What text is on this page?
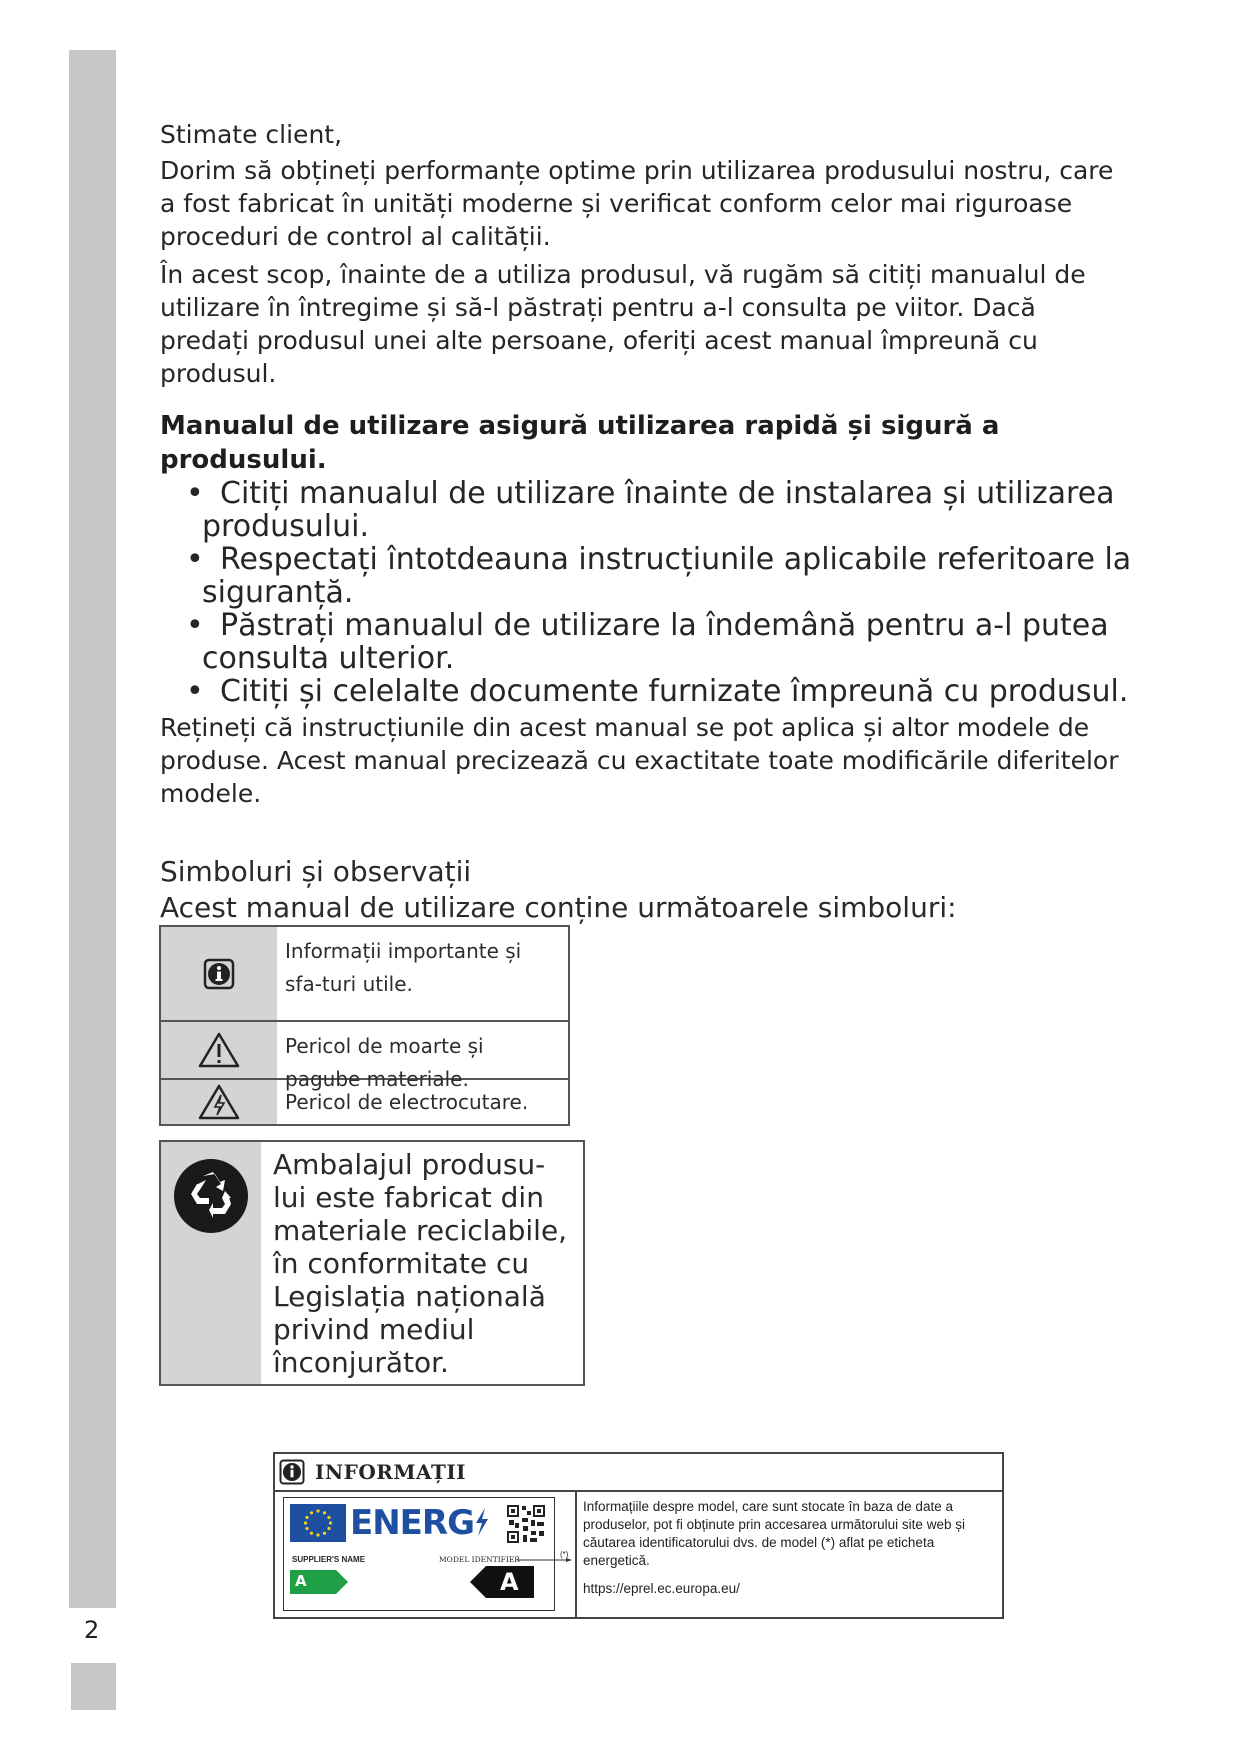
2

Stimate client,

Dorim să obțineți performanțe optime prin utilizarea produsului nostru, care a fost fabricat în unități moderne și verificat conform celor mai riguroase proceduri de control al calității.

În acest scop, înainte de a utiliza produsul, vă rugăm să citiți manualul de utilizare în întregime și să-l păstrați pentru a-l consulta pe viitor. Dacă predați produsul unei alte persoane, oferiți acest manual împreună cu produsul.

Manualul de utilizare asigură utilizarea rapidă și sigură a produsului.

• Citiți manualul de utilizare înainte de instalarea și utilizarea produsului.
• Respectați întotdeauna instrucțiunile aplicabile referitoare la siguranță.
• Păstrați manualul de utilizare la îndemână pentru a-l putea consulta ulterior.
• Citiți și celelalte documente furnizate împreună cu produsul.

Rețineți că instrucțiunile din acest manual se pot aplica și altor modele de produse. Acest manual precizează cu exactitate toate modificările diferitelor modele.

Simboluri și observații

Acest manual de utilizare conține următoarele simboluri:

Informații importante și sfa-turi utile.
Pericol de moarte și pagube materiale.
Pericol de electrocutare.
Ambalajul produsu-lui este fabricat din materiale reciclabile, în conformitate cu Legislația națională privind mediul înconjurător.
INFORMAȚII
ENERG
SUPPLIER'S NAME	MODEL IDENTIFIER
A	A
(*)

Informațiile despre model, care sunt stocate în baza de date a produselor, pot fi obținute prin accesarea următorului site web și căutarea identificatorului dvs. de model (*) aflat pe eticheta energetică.

https://eprel.ec.europa.eu/
